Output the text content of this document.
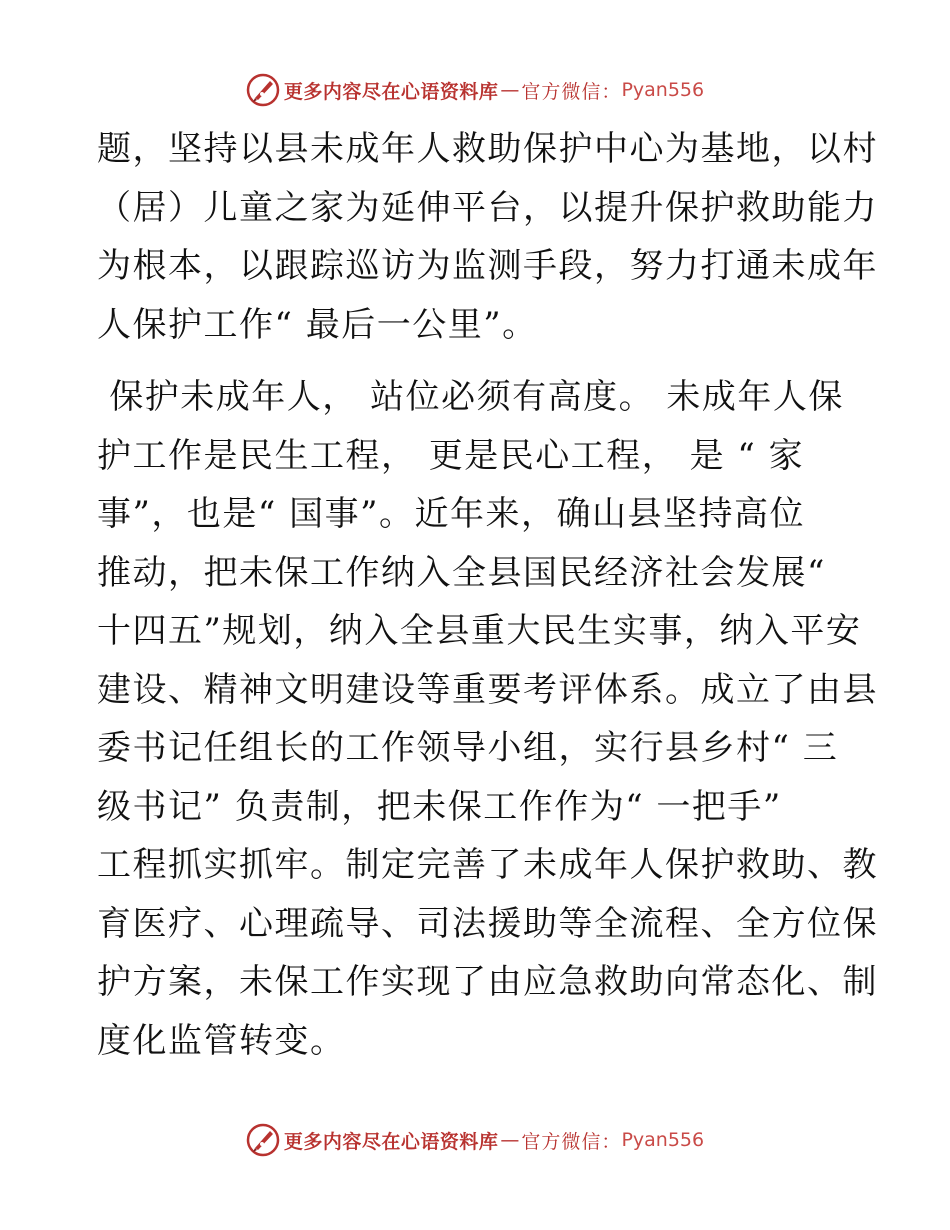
更多内容尽在心语资料库 — 官方微信： Pyan556

题，坚持以县未成年人救助保护中心为基地，以村
（居）儿童之家为延伸平台，以提升保护救助能力
为根本，以跟踪巡访为监测手段，努力打通未成年
人保护工作“ 最后一公里”。

保护未成年人， 站位必须有高度。 未成年人保
护工作是民生工程， 更是民心工程， 是 “ 家
事”，也是“ 国事”。近年来，确山县坚持高位
推动，把未保工作纳入全县国民经济社会发展“
十四五”规划，纳入全县重大民生实事，纳入平安
建设、精神文明建设等重要考评体系。成立了由县
委书记任组长的工作领导小组，实行县乡村“ 三
级书记” 负责制，把未保工作作为“ 一把手”
工程抓实抓牢。制定完善了未成年人保护救助、教
育医疗、心理疏导、司法援助等全流程、全方位保
护方案，未保工作实现了由应急救助向常态化、制
度化监管转变。

更多内容尽在心语资料库 — 官方微信： Pyan556
